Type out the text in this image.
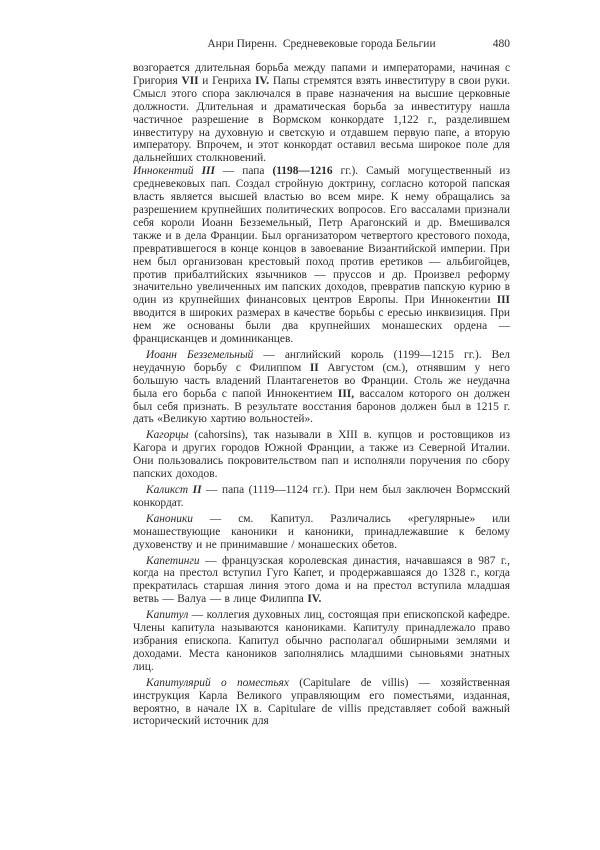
Анри Пиренн.  Средневековые города Бельгии	480

возгорается длительная борьба между папами и императорами, начиная с Григория VII и Генриха IV. Папы стремятся взять инвеституру в свои руки. Смысл этого спора заключался в праве назначения на высшие церковные должности. Длительная и драматическая борьба за инвеституру нашла частичное разрешение в Вормском конкордате 1,122 г., разделившем инвеституру на духовную и светскую и отдавшем первую папе, а вторую императору. Впрочем, и этот конкордат оставил весьма широкое поле для дальнейших столкновений.

Иннокентий III — папа (1198—1216 гг.). Самый могущественный из средневековых пап. Создал стройную доктрину, согласно которой папская власть является высшей властью во всем мире. К нему обращались за разрешением крупнейших политических вопросов. Его вассалами признали себя короли Иоанн Безземельный, Петр Арагонский и др. Вмешивался также и в дела Франции. Был организатором четвертого крестового похода, превратившегося в конце концов в завоевание Византийской империи. При нем был организован крестовый поход против еретиков — альбигойцев, против прибалтийских язычников — пруссов и др. Произвел реформу значительно увеличенных им папских доходов, превратив папскую курию в один из крупнейших финансовых центров Европы. При Иннокентии III вводится в широких размерах в качестве борьбы с ересью инквизиция. При нем же основаны были два крупнейших монашеских ордена — францисканцев и доминиканцев.

Иоанн Безземельный — английский король (1199—1215 гг.). Вел неудачную борьбу с Филиппом II Августом (см.), отнявшим у него большую часть владений Плантагенетов во Франции. Столь же неудачна была его борьба с папой Иннокентием III, вассалом которого он должен был себя признать. В результате восстания баронов должен был в 1215 г. дать «Великую хартию вольностей».

Кагорцы (cahorsins), так называли в XIII в. купцов и ростовщиков из Кагора и других городов Южной Франции, а также из Северной Италии. Они пользовались покровительством пап и исполняли поручения по сбору папских доходов.

Каликст II — папа (1119—1124 гг.). При нем был заключен Вормсский конкордат.

Каноники — см. Капитул. Различались «регулярные» или монашествующие каноники и каноники, принадлежавшие к белому духовенству и не принимавшие / монашеских обетов.

Капетинги — французская королевская династия, начавшаяся в 987 г., когда на престол вступил Гуго Капет, и продержавшаяся до 1328 г., когда прекратилась старшая линия этого дома и на престол вступила младшая ветвь — Валуа — в лице Филиппа IV.

Капитул — коллегия духовных лиц, состоящая при епископской кафедре. Члены капитула называются канониками. Капитулу принадлежало право избрания епископа. Капитул обычно располагал обширными землями и доходами. Места каноников заполнялись младшими сыновьями знатных лиц.

Капитулярий о поместьях (Capitulare de villis) — хозяйственная инструкция Карла Великого управляющим его поместьями, изданная, вероятно, в начале IX в. Capitulare de villis представляет собой важный исторический источник для
